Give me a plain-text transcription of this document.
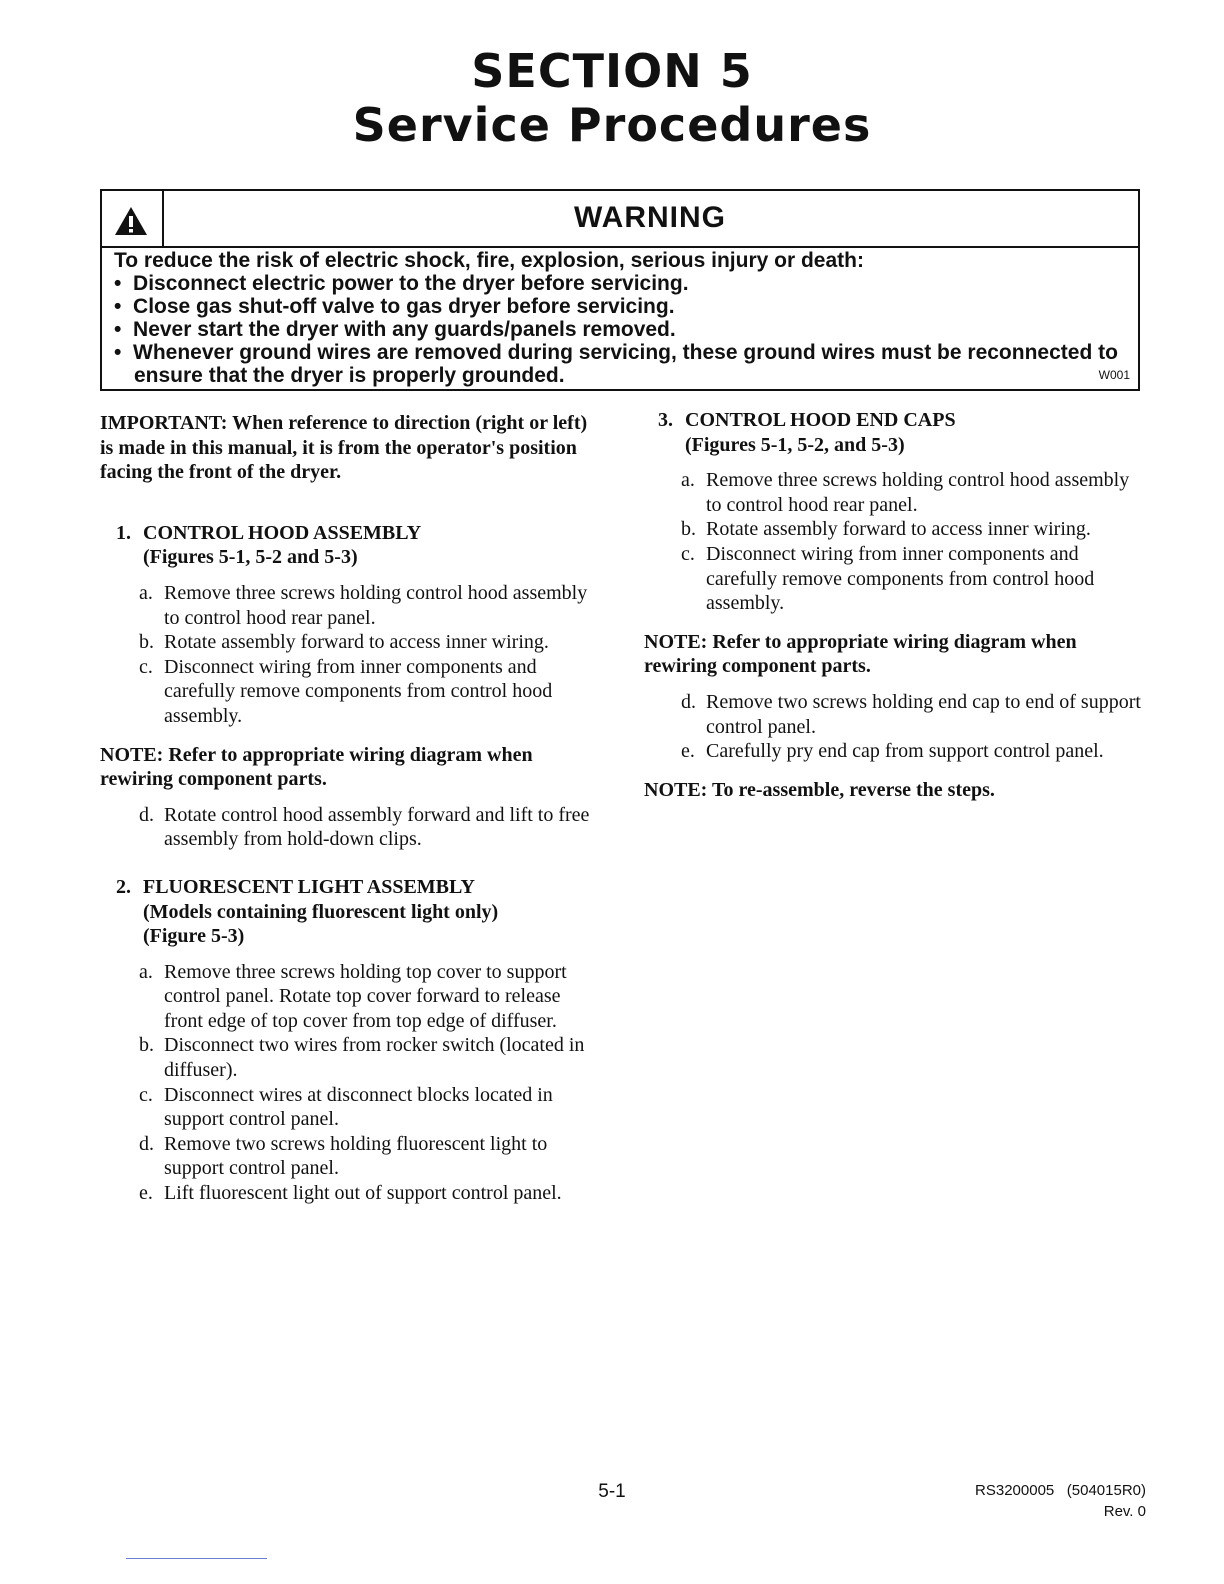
SECTION 5
Service Procedures
WARNING
To reduce the risk of electric shock, fire, explosion, serious injury or death:
• Disconnect electric power to the dryer before servicing.
• Close gas shut-off valve to gas dryer before servicing.
• Never start the dryer with any guards/panels removed.
• Whenever ground wires are removed during servicing, these ground wires must be reconnected to ensure that the dryer is properly grounded.	W001

IMPORTANT: When reference to direction (right or left) is made in this manual, it is from the operator's position facing the front of the dryer.

1. CONTROL HOOD ASSEMBLY
(Figures 5-1, 5-2 and 5-3)
a. Remove three screws holding control hood assembly to control hood rear panel.
b. Rotate assembly forward to access inner wiring.
c. Disconnect wiring from inner components and carefully remove components from control hood assembly.

NOTE: Refer to appropriate wiring diagram when rewiring component parts.

d. Rotate control hood assembly forward and lift to free assembly from hold-down clips.
2. FLUORESCENT LIGHT ASSEMBLY
(Models containing fluorescent light only)
(Figure 5-3)
a. Remove three screws holding top cover to support control panel. Rotate top cover forward to release front edge of top cover from top edge of diffuser.
b. Disconnect two wires from rocker switch (located in diffuser).
c. Disconnect wires at disconnect blocks located in support control panel.
d. Remove two screws holding fluorescent light to support control panel.
e. Lift fluorescent light out of support control panel.
3. CONTROL HOOD END CAPS
(Figures 5-1, 5-2, and 5-3)
a. Remove three screws holding control hood assembly to control hood rear panel.
b. Rotate assembly forward to access inner wiring.
c. Disconnect wiring from inner components and carefully remove components from control hood assembly.

NOTE: Refer to appropriate wiring diagram when rewiring component parts.

d. Remove two screws holding end cap to end of support control panel.
e. Carefully pry end cap from support control panel.

NOTE: To re-assemble, reverse the steps.

5-1	RS3200005   (504015R0)
Rev. 0
